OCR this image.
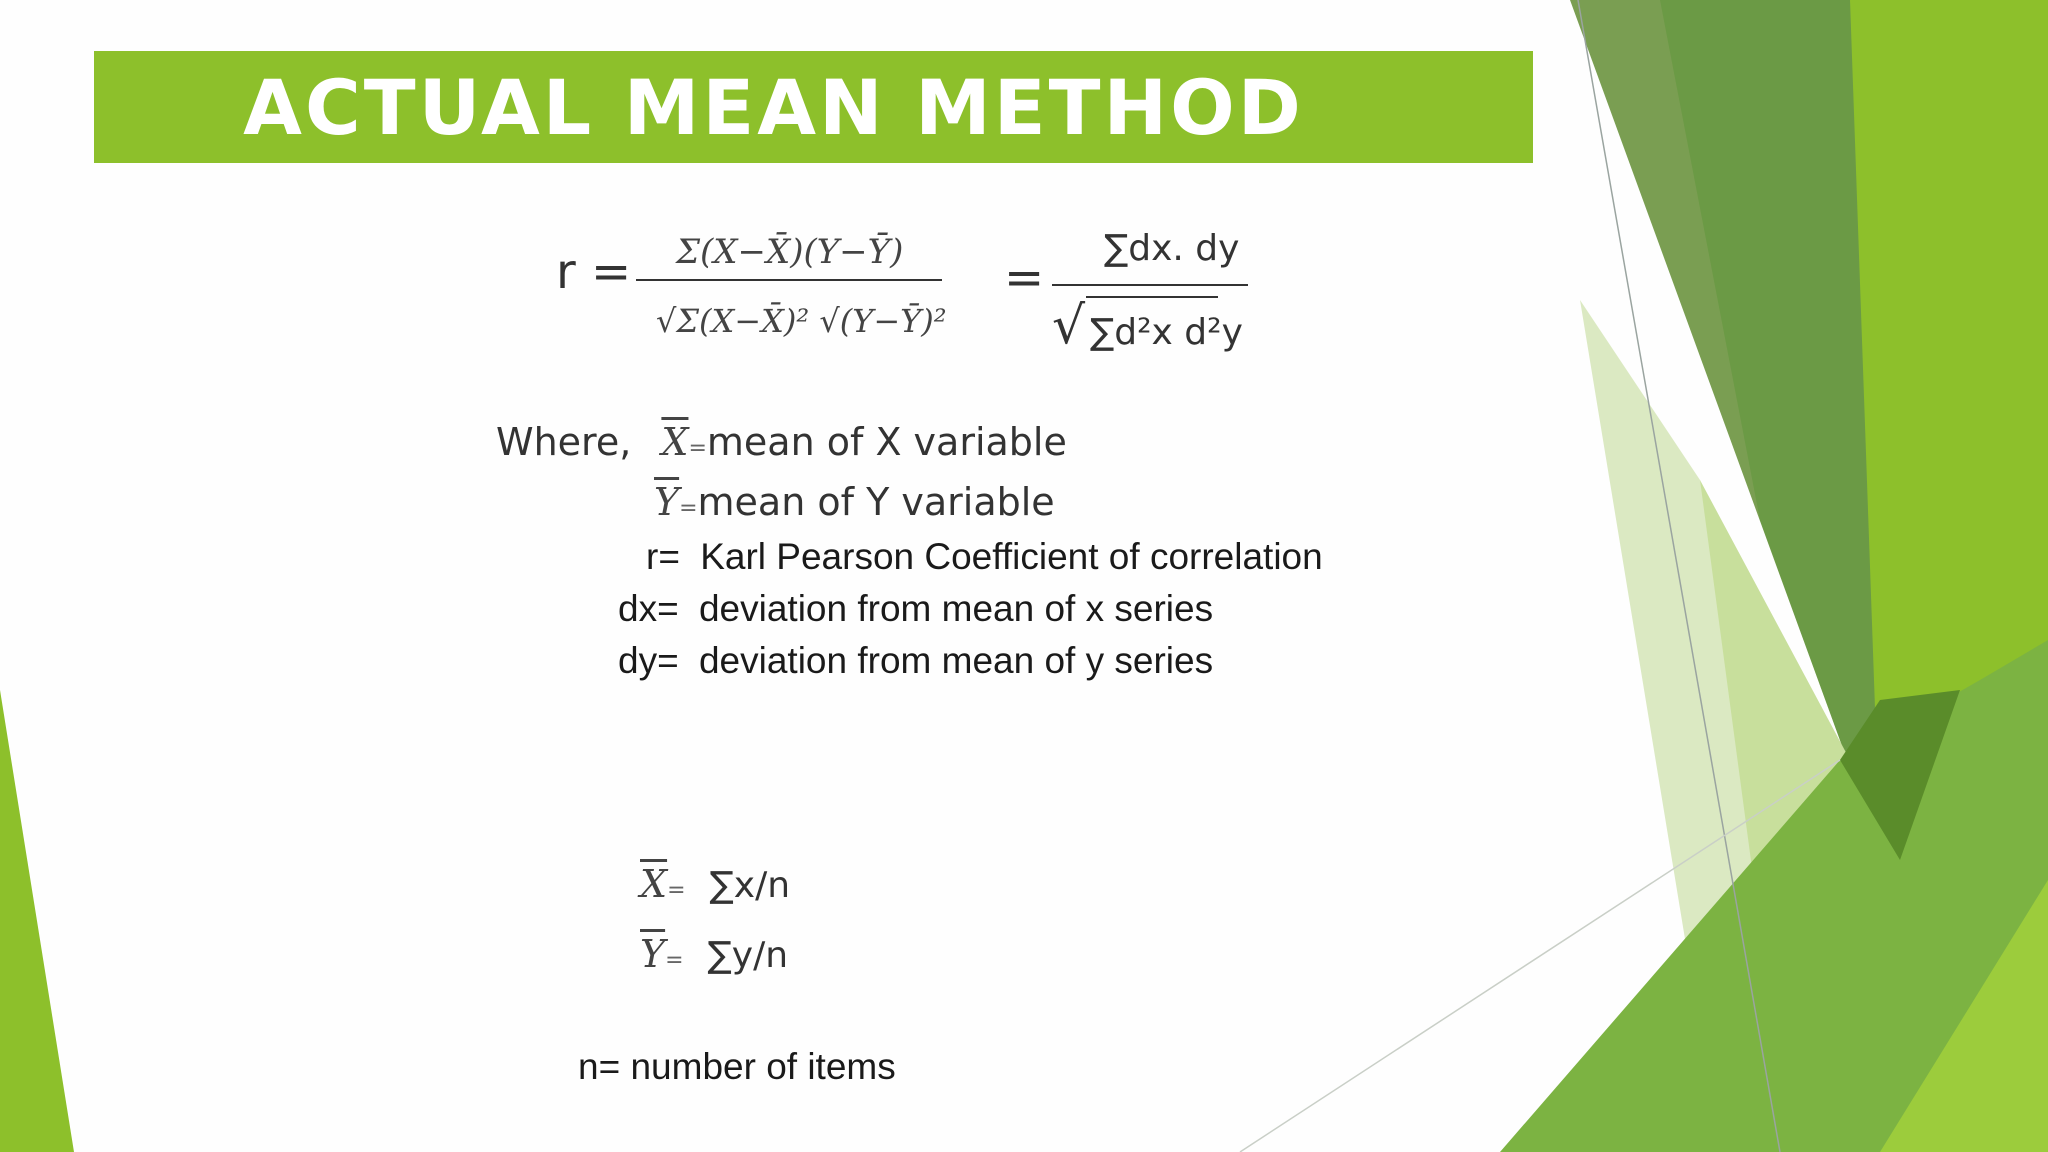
ACTUAL MEAN METHOD
r = Σ(X−X̄)(Y−Ȳ)
√Σ(X−X̄)² √(Y−Ȳ)²
=
∑dx. dy
√ ∑d²x d²y
Where, $\overline{X}=mean$ of X variable
$\overline{Y}=mean$ of Y variable
r= Karl Pearson Coefficient of correlation
dx= deviation from mean of x series
dy= deviation from mean of y series
$\overline{X}= \sum x/n$
$\overline{Y}= \sum y/n$
n= number of items
